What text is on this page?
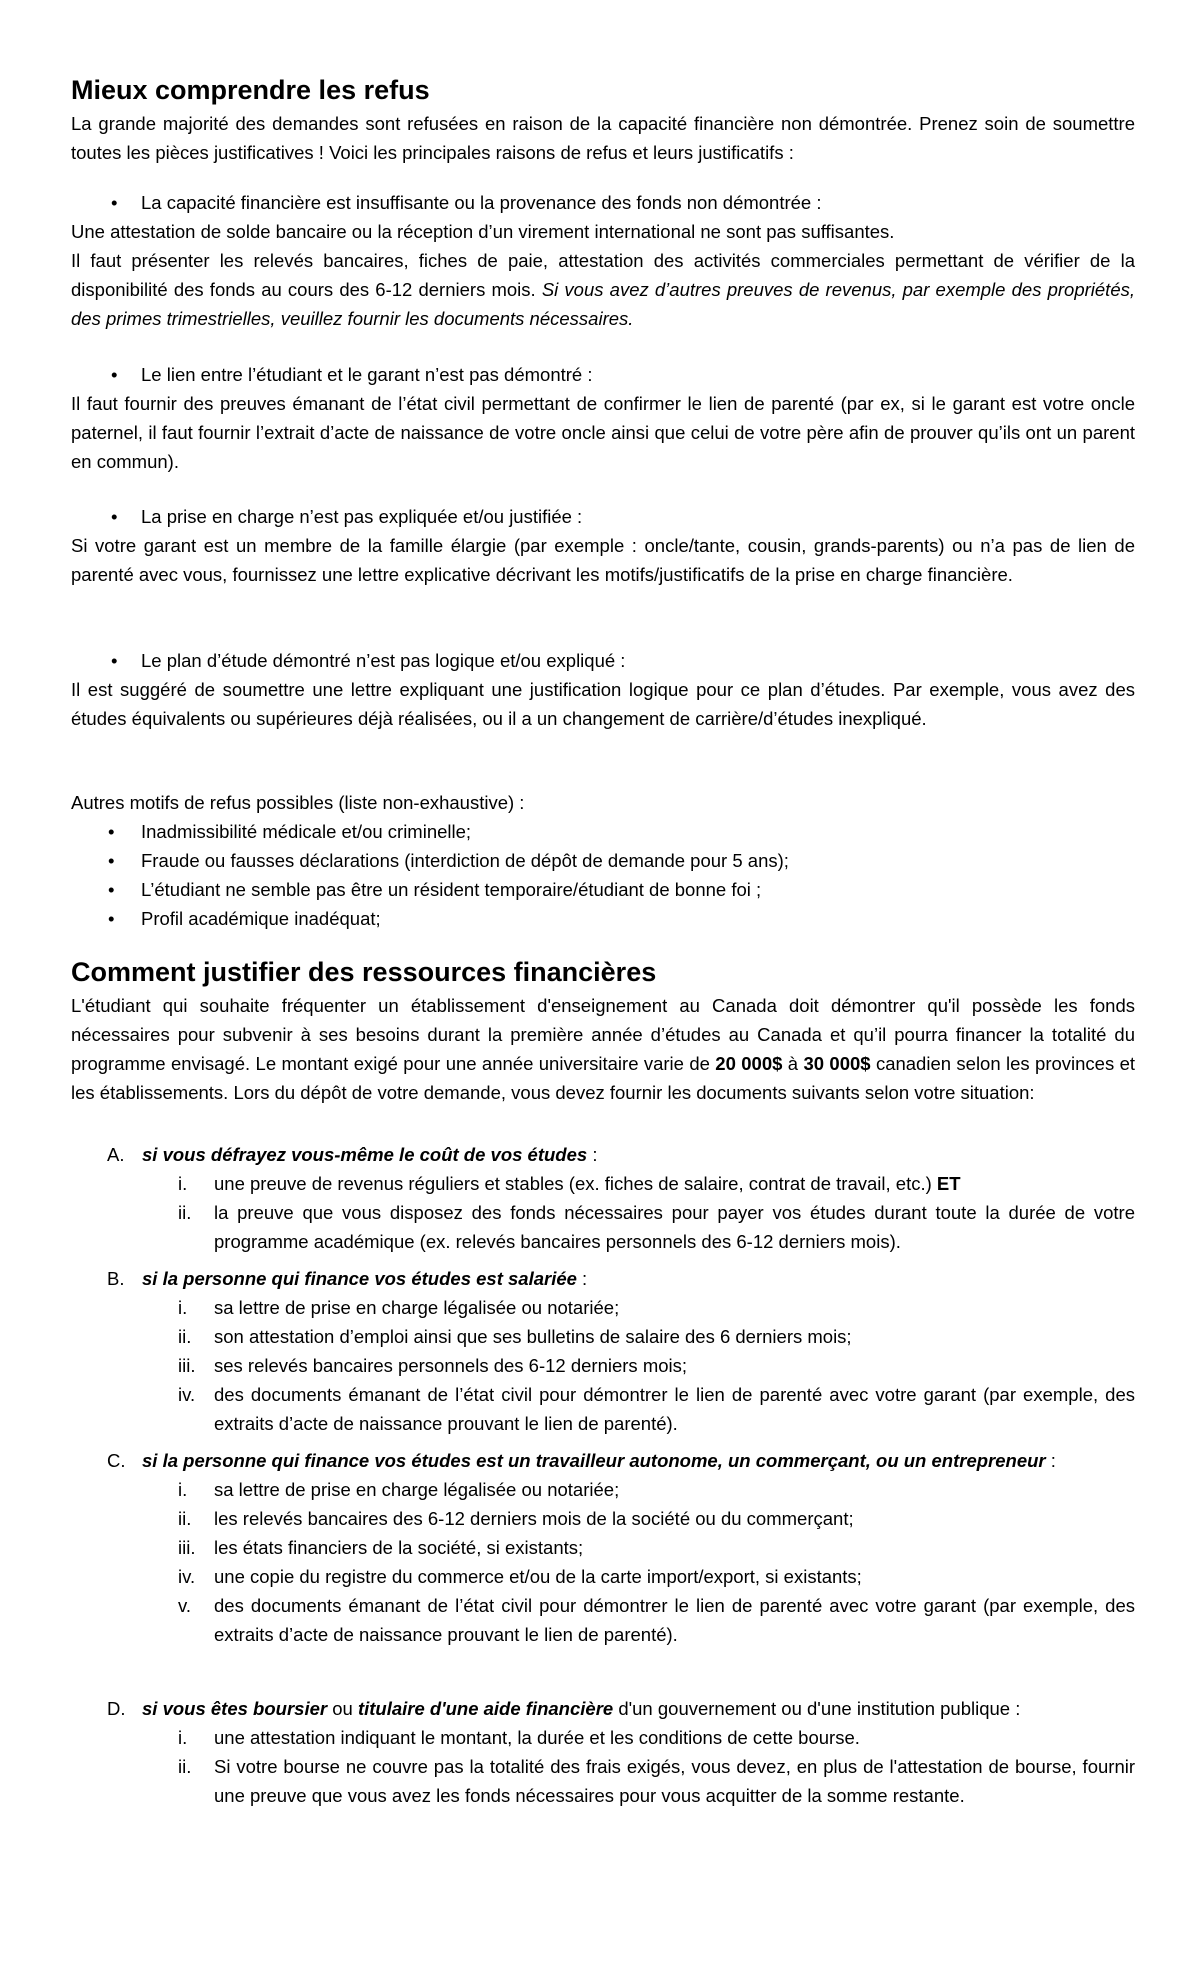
Mieux comprendre les refus

La grande majorité des demandes sont refusées en raison de la capacité financière non démontrée. Prenez soin de soumettre toutes les pièces justificatives ! Voici les principales raisons de refus et leurs justificatifs :

• La capacité financière est insuffisante ou la provenance des fonds non démontrée :

Une attestation de solde bancaire ou la réception d’un virement international ne sont pas suffisantes.

Il faut présenter les relevés bancaires, fiches de paie, attestation des activités commerciales permettant de vérifier de la disponibilité des fonds au cours des 6-12 derniers mois. Si vous avez d’autres preuves de revenus, par exemple des propriétés, des primes trimestrielles, veuillez fournir les documents nécessaires.

• Le lien entre l’étudiant et le garant n’est pas démontré :

Il faut fournir des preuves émanant de l’état civil permettant de confirmer le lien de parenté (par ex, si le garant est votre oncle paternel, il faut fournir l’extrait d’acte de naissance de votre oncle ainsi que celui de votre père afin de prouver qu’ils ont un parent en commun).

• La prise en charge n’est pas expliquée et/ou justifiée :

Si votre garant est un membre de la famille élargie (par exemple : oncle/tante, cousin, grands-parents) ou n’a pas de lien de parenté avec vous, fournissez une lettre explicative décrivant les motifs/justificatifs de la prise en charge financière.

• Le plan d’étude démontré n’est pas logique et/ou expliqué :

Il est suggéré de soumettre une lettre expliquant une justification logique pour ce plan d’études. Par exemple, vous avez des études équivalents ou supérieures déjà réalisées, ou il a un changement de carrière/d’études inexpliqué.

Autres motifs de refus possibles (liste non-exhaustive) :

• Inadmissibilité médicale et/ou criminelle;

• Fraude ou fausses déclarations (interdiction de dépôt de demande pour 5 ans);

• L’étudiant ne semble pas être un résident temporaire/étudiant de bonne foi ;

• Profil académique inadéquat;

Comment justifier des ressources financières

L'étudiant qui souhaite fréquenter un établissement d'enseignement au Canada doit démontrer qu'il possède les fonds nécessaires pour subvenir à ses besoins durant la première année d’études au Canada et qu’il pourra financer la totalité du programme envisagé. Le montant exigé pour une année universitaire varie de 20 000$ à 30 000$ canadien selon les provinces et les établissements. Lors du dépôt de votre demande, vous devez fournir les documents suivants selon votre situation:

A. si vous défrayez vous-même le coût de vos études :

i. une preuve de revenus réguliers et stables (ex. fiches de salaire, contrat de travail, etc.) ET

ii. la preuve que vous disposez des fonds nécessaires pour payer vos études durant toute la durée de votre programme académique (ex. relevés bancaires personnels des 6-12 derniers mois).

B. si la personne qui finance vos études est salariée :

i. sa lettre de prise en charge légalisée ou notariée;

ii. son attestation d’emploi ainsi que ses bulletins de salaire des 6 derniers mois;

iii. ses relevés bancaires personnels des 6-12 derniers mois;

iv. des documents émanant de l’état civil pour démontrer le lien de parenté avec votre garant (par exemple, des extraits d’acte de naissance prouvant le lien de parenté).

C. si la personne qui finance vos études est un travailleur autonome, un commerçant, ou un entrepreneur :

i. sa lettre de prise en charge légalisée ou notariée;

ii. les relevés bancaires des 6-12 derniers mois de la société ou du commerçant;

iii. les états financiers de la société, si existants;

iv. une copie du registre du commerce et/ou de la carte import/export, si existants;

v. des documents émanant de l’état civil pour démontrer le lien de parenté avec votre garant (par exemple, des extraits d’acte de naissance prouvant le lien de parenté).

D. si vous êtes boursier ou titulaire d'une aide financière d'un gouvernement ou d'une institution publique :

i. une attestation indiquant le montant, la durée et les conditions de cette bourse.

ii. Si votre bourse ne couvre pas la totalité des frais exigés, vous devez, en plus de l'attestation de bourse, fournir une preuve que vous avez les fonds nécessaires pour vous acquitter de la somme restante.
